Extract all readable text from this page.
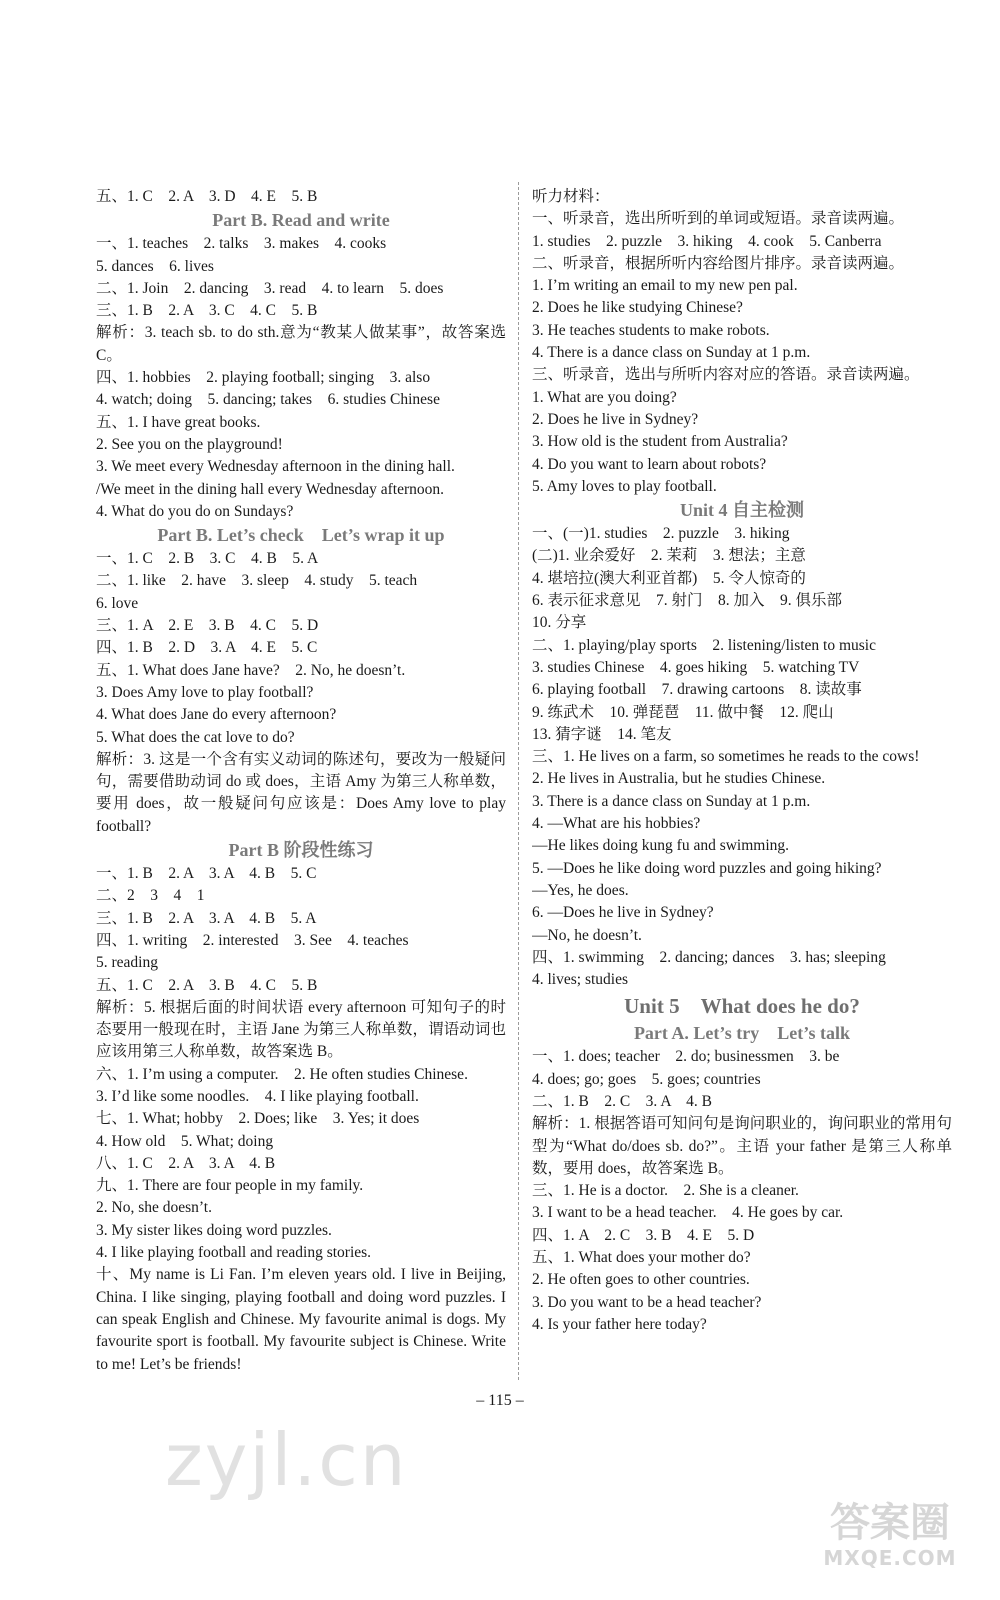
五、1. C　2. A　3. D　4. E　5. B
Part B. Read and write
一、1. teaches　2. talks　3. makes　4. cooks
5. dances　6. lives
二、1. Join　2. dancing　3. read　4. to learn　5. does
三、1. B　2. A　3. C　4. C　5. B
解析：3. teach sb. to do sth.意为“教某人做某事”，故答案选 C。
四、1. hobbies　2. playing football; singing　3. also
4. watch; doing　5. dancing; takes　6. studies Chinese
五、1. I have great books.
2. See you on the playground!
3. We meet every Wednesday afternoon in the dining hall.
/We meet in the dining hall every Wednesday afternoon.
4. What do you do on Sundays?
Part B. Let’s check　Let’s wrap it up
一、1. C　2. B　3. C　4. B　5. A
二、1. like　2. have　3. sleep　4. study　5. teach
6. love
三、1. A　2. E　3. B　4. C　5. D
四、1. B　2. D　3. A　4. E　5. C
五、1. What does Jane have?　2. No, he doesn’t.
3. Does Amy love to play football?
4. What does Jane do every afternoon?
5. What does the cat love to do?
解析：3. 这是一个含有实义动词的陈述句，要改为一般疑问句，需要借助动词 do 或 does，主语 Amy 为第三人称单数，要用 does，故一般疑问句应该是：Does Amy love to play football?
Part B 阶段性练习
一、1. B　2. A　3. A　4. B　5. C
二、2　3　4　1
三、1. B　2. A　3. A　4. B　5. A
四、1. writing　2. interested　3. See　4. teaches
5. reading
五、1. C　2. A　3. B　4. C　5. B
解析：5. 根据后面的时间状语 every afternoon 可知句子的时态要用一般现在时，主语 Jane 为第三人称单数，谓语动词也应该用第三人称单数，故答案选 B。
六、1. I’m using a computer.　2. He often studies Chinese.
3. I’d like some noodles.　4. I like playing football.
七、1. What; hobby　2. Does; like　3. Yes; it does
4. How old　5. What; doing
八、1. C　2. A　3. A　4. B
九、1. There are four people in my family.
2. No, she doesn’t.
3. My sister likes doing word puzzles.
4. I like playing football and reading stories.
十、My name is Li Fan. I’m eleven years old. I live in Beijing, China. I like singing, playing football and doing word puzzles. I can speak English and Chinese. My favourite animal is dogs. My favourite sport is football. My favourite subject is Chinese. Write to me! Let’s be friends!
听力材料：
一、听录音，选出所听到的单词或短语。录音读两遍。
1. studies　2. puzzle　3. hiking　4. cook　5. Canberra
二、听录音，根据所听内容给图片排序。录音读两遍。
1. I’m writing an email to my new pen pal.
2. Does he like studying Chinese?
3. He teaches students to make robots.
4. There is a dance class on Sunday at 1 p.m.
三、听录音，选出与所听内容对应的答语。录音读两遍。
1. What are you doing?
2. Does he live in Sydney?
3. How old is the student from Australia?
4. Do you want to learn about robots?
5. Amy loves to play football.
Unit 4 自主检测
一、(一)1. studies　2. puzzle　3. hiking
(二)1. 业余爱好　2. 茉莉　3. 想法；主意
4. 堪培拉(澳大利亚首都)　5. 令人惊奇的
6. 表示征求意见　7. 射门　8. 加入　9. 俱乐部
10. 分享
二、1. playing/play sports　2. listening/listen to music
3. studies Chinese　4. goes hiking　5. watching TV
6. playing football　7. drawing cartoons　8. 读故事
9. 练武术　10. 弹琵琶　11. 做中餐　12. 爬山
13. 猜字谜　14. 笔友
三、1. He lives on a farm, so sometimes he reads to the cows!
2. He lives in Australia, but he studies Chinese.
3. There is a dance class on Sunday at 1 p.m.
4. —What are his hobbies?
—He likes doing kung fu and swimming.
5. —Does he like doing word puzzles and going hiking?
—Yes, he does.
6. —Does he live in Sydney?
—No, he doesn’t.
四、1. swimming　2. dancing; dances　3. has; sleeping
4. lives; studies
Unit 5　What does he do?
Part A. Let’s try　Let’s talk
一、1. does; teacher　2. do; businessmen　3. be
4. does; go; goes　5. goes; countries
二、1. B　2. C　3. A　4. B
解析：1. 根据答语可知问句是询问职业的，询问职业的常用句型为“What do/does sb. do?”。主语 your father 是第三人称单数，要用 does，故答案选 B。
三、1. He is a doctor.　2. She is a cleaner.
3. I want to be a head teacher.　4. He goes by car.
四、1. A　2. C　3. B　4. E　5. D
五、1. What does your mother do?
2. He often goes to other countries.
3. Do you want to be a head teacher?
4. Is your father here today?
– 115 –
zyjl.cn
答案圈
MXQE.COM
